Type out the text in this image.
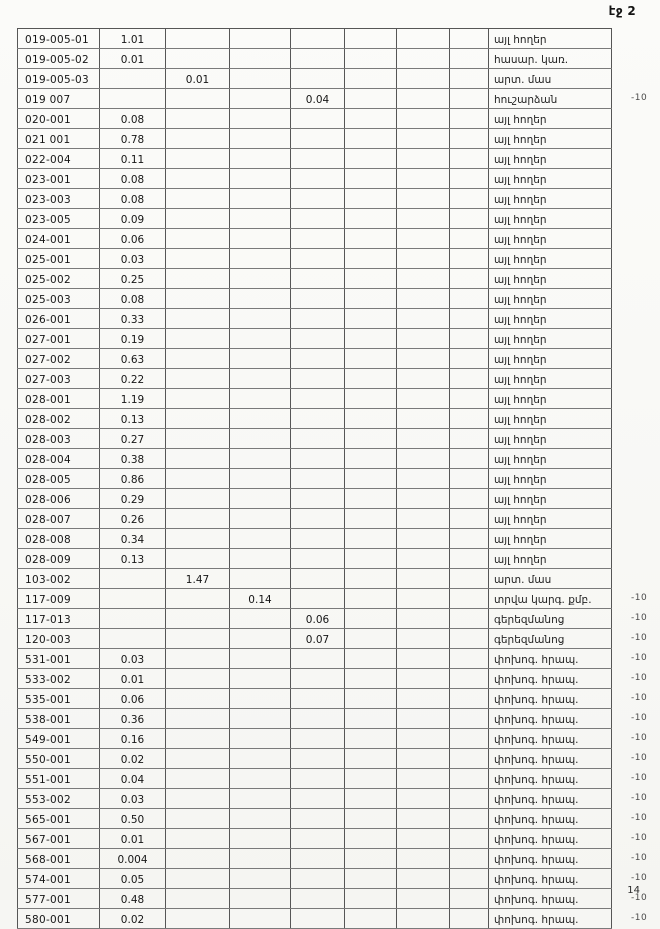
էջ 2
019-005-01	1.01							այլ հողեր	
019-005-02	0.01							հասար. կառ.	
019-005-03		0.01						արտ. մաս	
019 007				0.04				հուշարձան	-10
020-001	0.08							այլ հողեր	
021 001	0.78							այլ հողեր	
022-004	0.11							այլ հողեր	
023-001	0.08							այլ հողեր	
023-003	0.08							այլ հողեր	
023-005	0.09							այլ հողեր	
024-001	0.06							այլ հողեր	
025-001	0.03							այլ հողեր	
025-002	0.25							այլ հողեր	
025-003	0.08							այլ հողեր	
026-001	0.33							այլ հողեր	
027-001	0.19							այլ հողեր	
027-002	0.63							այլ հողեր	
027-003	0.22							այլ հողեր	
028-001	1.19							այլ հողեր	
028-002	0.13							այլ հողեր	
028-003	0.27							այլ հողեր	
028-004	0.38							այլ հողեր	
028-005	0.86							այլ հողեր	
028-006	0.29							այլ հողեր	
028-007	0.26							այլ հողեր	
028-008	0.34							այլ հողեր	
028-009	0.13							այլ հողեր	
103-002		1.47						արտ. մաս	
117-009			0.14					տրվա կարգ. քմբ.	-10
117-013				0.06				գերեզմանոց	-10
120-003				0.07				գերեզմանոց	-10
531-001	0.03							փոխոգ. հրապ.	-10
533-002	0.01							փոխոգ. հրապ.	-10
535-001	0.06							փոխոգ. հրապ.	-10
538-001	0.36							փոխոգ. հրապ.	-10
549-001	0.16							փոխոգ. հրապ.	-10
550-001	0.02							փոխոգ. հրապ.	-10
551-001	0.04							փոխոգ. հրապ.	-10
553-002	0.03							փոխոգ. հրապ.	-10
565-001	0.50							փոխոգ. հրապ.	-10
567-001	0.01							փոխոգ. հրապ.	-10
568-001	0.004							փոխոգ. հրապ.	-10
574-001	0.05							փոխոգ. հրապ.	-10
577-001	0.48							փոխոգ. հրապ.	-10
580-001	0.02							փոխոգ. հրապ.	-10
14
